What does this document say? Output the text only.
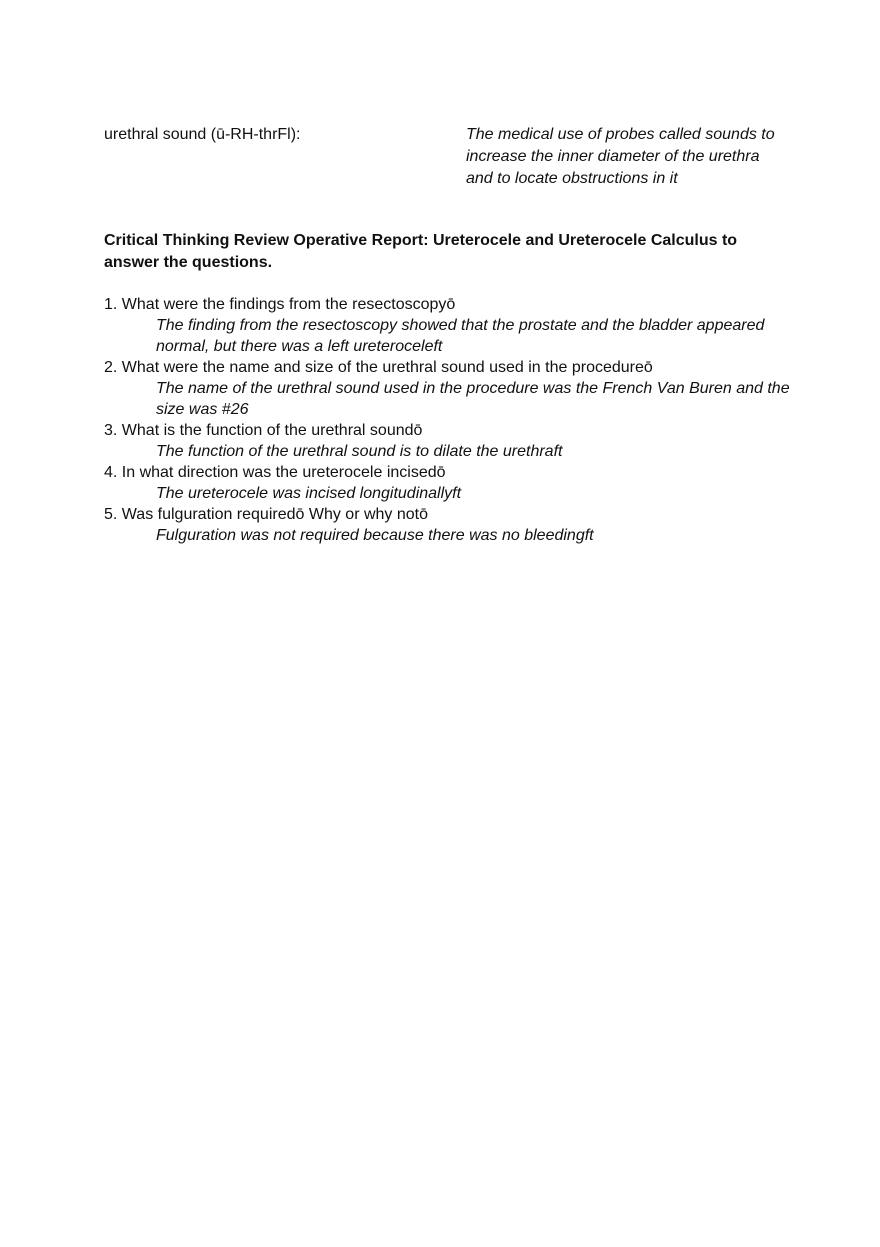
urethral sound (ū-RH-thrFl):	The medical use of probes called sounds to increase the inner diameter of the urethra and to locate obstructions in it
Critical Thinking Review Operative Report: Ureterocele and Ureterocele Calculus to answer the questions.
1. What were the findings from the resectoscopyō
The finding from the resectoscopy showed that the prostate and the bladder appeared normal, but there was a left ureteroceleft
2. What were the name and size of the urethral sound used in the procedureō
The name of the urethral sound used in the procedure was the French Van Buren and the size was #26
3. What is the function of the urethral soundō
The function of the urethral sound is to dilate the urethraft
4. In what direction was the ureterocele incisedō
The ureterocele was incised longitudinallyft
5. Was fulguration requiredō Why or why notō
Fulguration was not required because there was no bleedingft
